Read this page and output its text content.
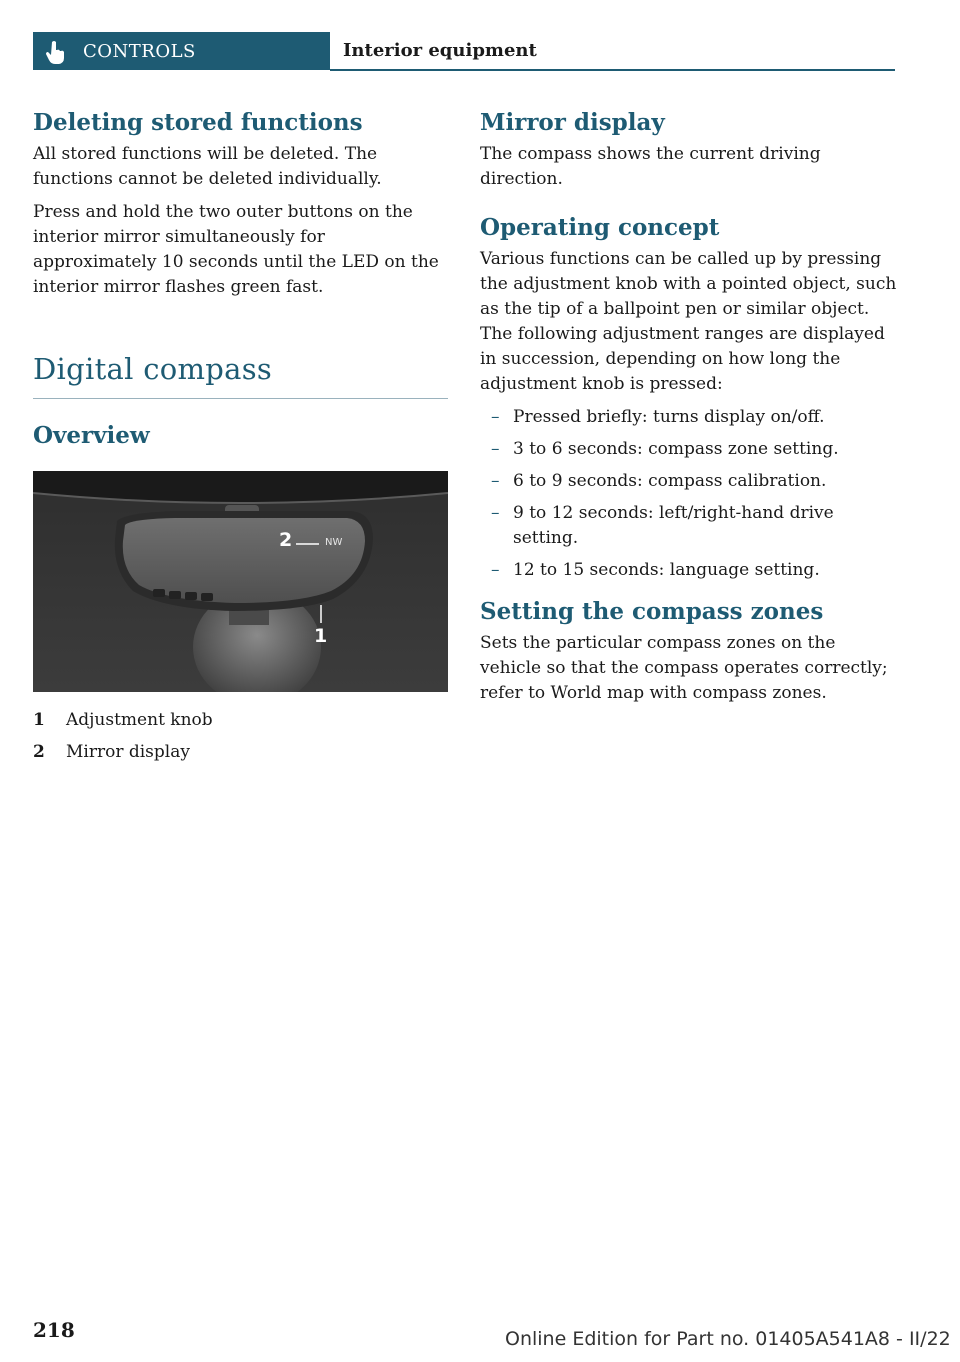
CONTROLS	Interior equipment
Deleting stored functions

All stored functions will be deleted. The functions cannot be deleted individually.

Press and hold the two outer buttons on the interior mirror simultaneously for approximately 10 seconds until the LED on the interior mirror flashes green fast.

Digital compass
Overview
2	NW
1
1	Adjustment knob
2	Mirror display
Mirror display

The compass shows the current driving direction.

Operating concept

Various functions can be called up by pressing the adjustment knob with a pointed object, such as the tip of a ballpoint pen or similar object. The following adjustment ranges are displayed in succession, depending on how long the adjustment knob is pressed:

– Pressed briefly: turns display on/off.
– 3 to 6 seconds: compass zone setting.
– 6 to 9 seconds: compass calibration.
– 9 to 12 seconds: left/right-hand drive setting.
– 12 to 15 seconds: language setting.
Setting the compass zones

Sets the particular compass zones on the vehicle so that the compass operates correctly; refer to World map with compass zones.

218	Online Edition for Part no. 01405A541A8 - II/22
